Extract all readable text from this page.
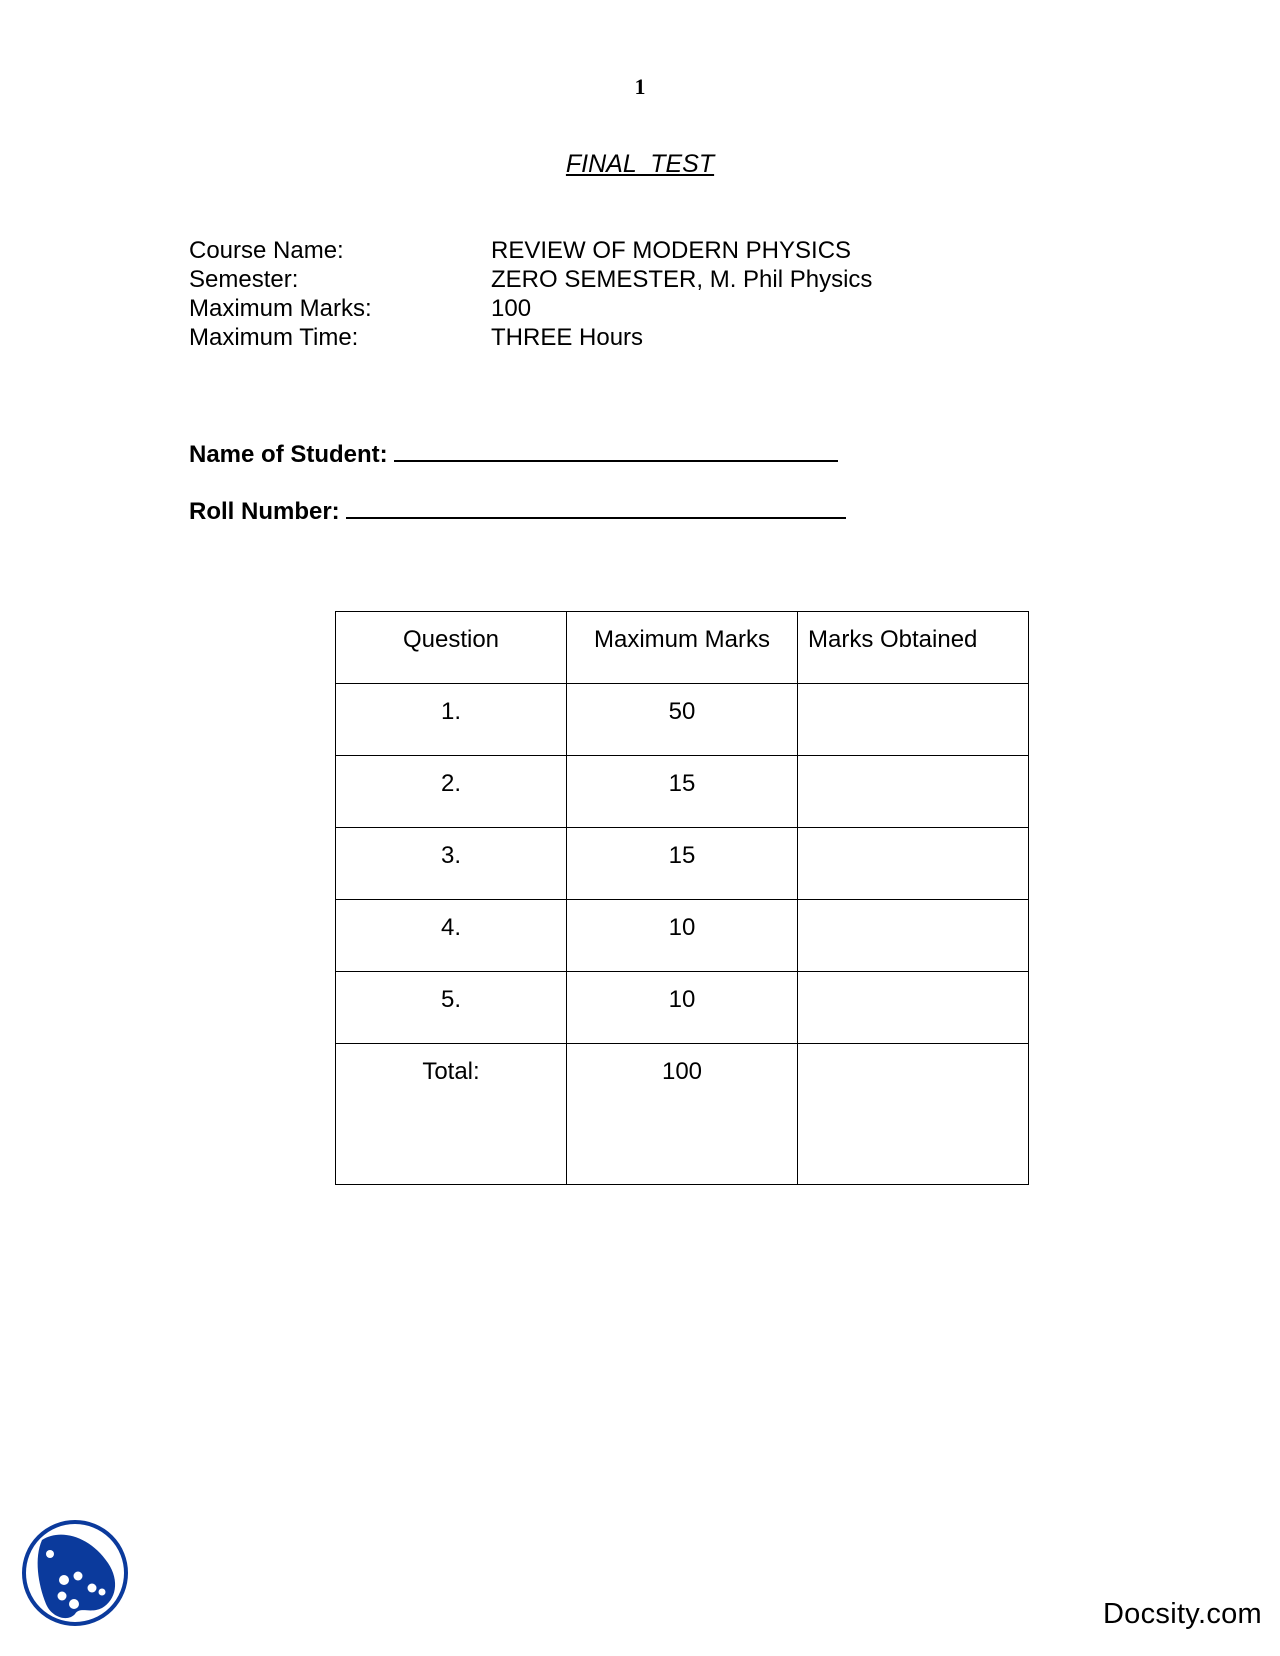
1
FINAL  TEST
Course Name:	REVIEW OF MODERN PHYSICS
Semester:	ZERO SEMESTER, M. Phil Physics
Maximum Marks:	100
Maximum Time:	THREE Hours
Name of Student:
Roll Number:
Question	Maximum Marks	Marks Obtained

1.	50	

2.	15	

3.	15	

4.	10	

5.	10	

Total:	100	

Docsity.com
